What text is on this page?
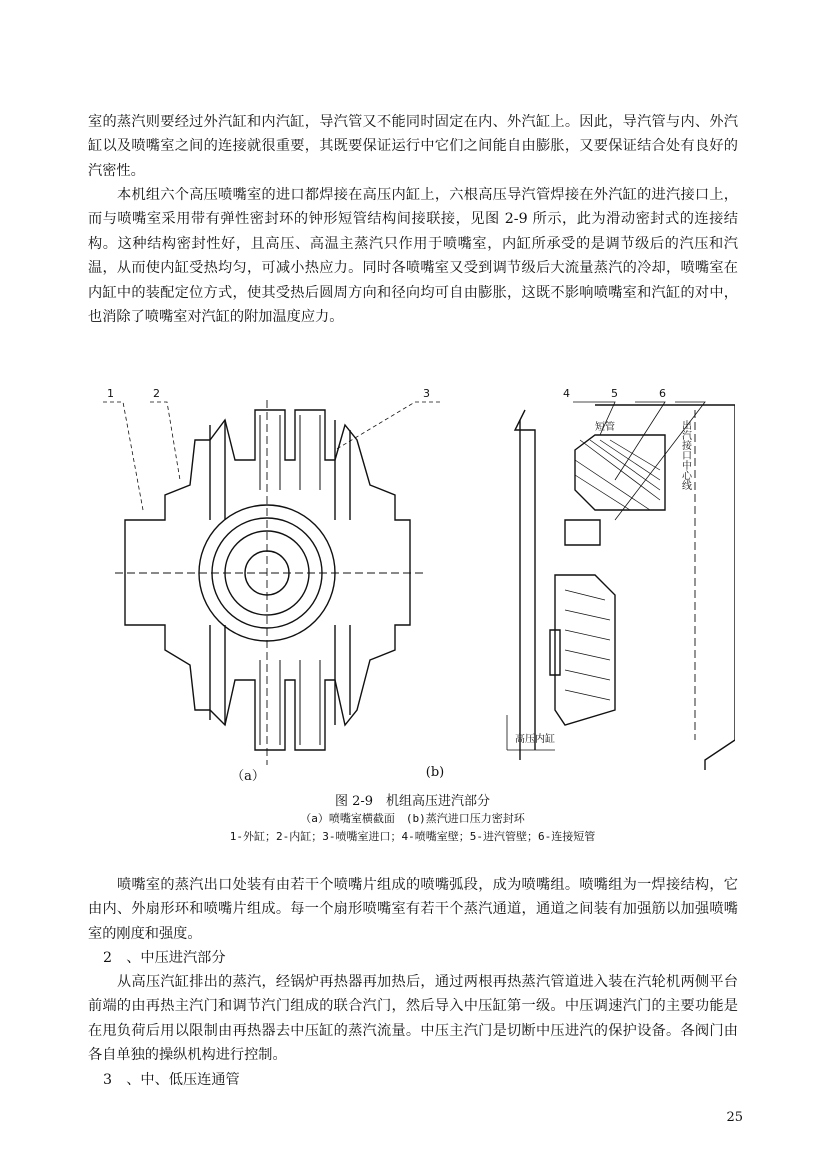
室的蒸汽则要经过外汽缸和内汽缸，导汽管又不能同时固定在内、外汽缸上。因此，导汽管与内、外汽缸以及喷嘴室之间的连接就很重要，其既要保证运行中它们之间能自由膨胀，又要保证结合处有良好的汽密性。

本机组六个高压喷嘴室的进口都焊接在高压内缸上，六根高压导汽管焊接在外汽缸的进汽接口上，而与喷嘴室采用带有弹性密封环的钟形短管结构间接联接，见图 2-9 所示，此为滑动密封式的连接结构。这种结构密封性好，且高压、高温主蒸汽只作用于喷嘴室，内缸所承受的是调节级后的汽压和汽温，从而使内缸受热均匀，可减小热应力。同时各喷嘴室又受到调节级后大流量蒸汽的冷却，喷嘴室在内缸中的装配定位方式，使其受热后圆周方向和径向均可自由膨胀，这既不影响喷嘴室和汽缸的对中，也消除了喷嘴室对汽缸的附加温度应力。

1	2	3	4	5	6
短管	出汽接口中心线
高压内缸

（a）	(b)

图 2-9　机组高压进汽部分

（a）喷嘴室横截面　(b)蒸汽进口压力密封环

1-外缸；2-内缸；3-喷嘴室进口；4-喷嘴室壁；5-进汽管壁；6-连接短管

喷嘴室的蒸汽出口处装有由若干个喷嘴片组成的喷嘴弧段，成为喷嘴组。喷嘴组为一焊接结构，它由内、外扇形环和喷嘴片组成。每一个扇形喷嘴室有若干个蒸汽通道，通道之间装有加强筋以加强喷嘴室的刚度和强度。

2　、中压进汽部分

从高压汽缸排出的蒸汽，经锅炉再热器再加热后，通过两根再热蒸汽管道进入装在汽轮机两侧平台前端的由再热主汽门和调节汽门组成的联合汽门，然后导入中压缸第一级。中压调速汽门的主要功能是在甩负荷后用以限制由再热器去中压缸的蒸汽流量。中压主汽门是切断中压进汽的保护设备。各阀门由各自单独的操纵机构进行控制。

3　、中、低压连通管

25
